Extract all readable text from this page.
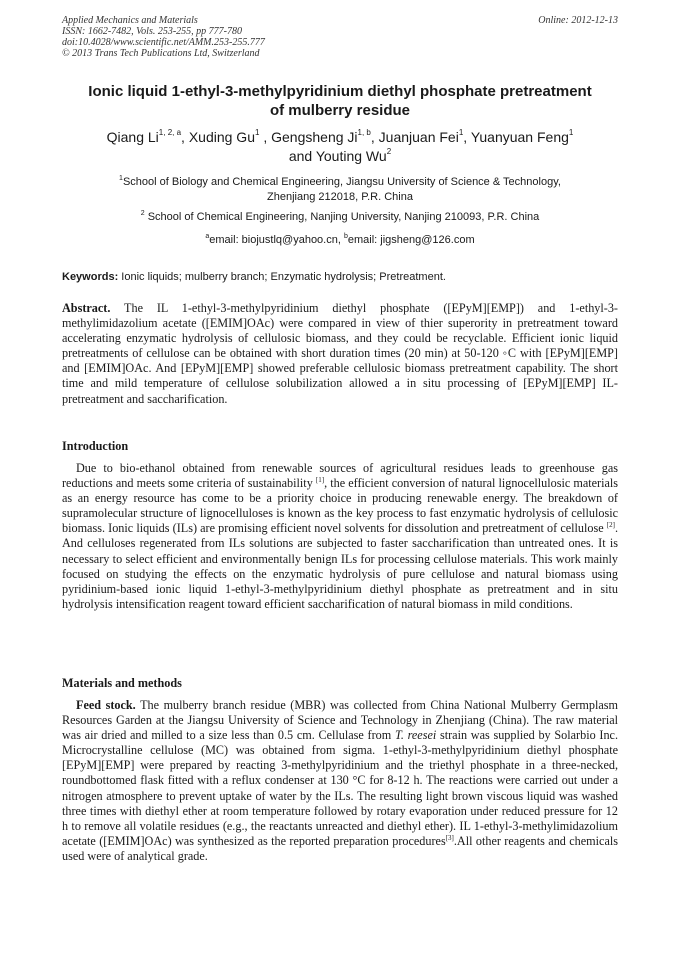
Applied Mechanics and Materials
ISSN: 1662-7482, Vols. 253-255, pp 777-780
doi:10.4028/www.scientific.net/AMM.253-255.777
© 2013 Trans Tech Publications Ltd, Switzerland
Online: 2012-12-13
Ionic liquid 1-ethyl-3-methylpyridinium diethyl phosphate pretreatment
of mulberry residue
Qiang Li$^{1, 2, a}$, Xuding Gu$^1$ , Gengsheng Ji$^{1, b}$, Juanjuan Fei$^1$, Yuanyuan Feng$^1$
and Youting Wu$^2$
$^1$School of Biology and Chemical Engineering, Jiangsu University of Science & Technology,
Zhenjiang 212018, P.R. China
$^2$ School of Chemical Engineering, Nanjing University, Nanjing 210093, P.R. China
$^a$email: biojustlq@yahoo.cn, $^b$email: jigsheng@126.com
Keywords: Ionic liquids; mulberry branch; Enzymatic hydrolysis; Pretreatment.
Abstract. The IL 1-ethyl-3-methylpyridinium diethyl phosphate ([EPyM][EMP]) and 1-ethyl-3-methylimidazolium acetate ([EMIM]OAc) were compared in view of thier superority in pretreatment toward accelerating enzymatic hydrolysis of cellulosic biomass, and they could be recyclable. Efficient ionic liquid pretreatments of cellulose can be obtained with short duration times (20 min) at 50-120 ◦C with [EPyM][EMP] and [EMIM]OAc. And [EPyM][EMP] showed preferable cellulosic biomass pretreatment capability. The short time and mild temperature of cellulose solubilization allowed a in situ processing of [EPyM][EMP] IL-pretreatment and saccharification.
Introduction
Due to bio-ethanol obtained from renewable sources of agricultural residues leads to greenhouse gas reductions and meets some criteria of sustainability [1], the efficient conversion of natural lignocellulosic materials as an energy resource has come to be a priority choice in producing renewable energy. The breakdown of supramolecular structure of lignocelluloses is known as the key process to fast enzymatic hydrolysis of cellulosic biomass. Ionic liquids (ILs) are promising efficient novel solvents for dissolution and pretreatment of cellulose [2]. And celluloses regenerated from ILs solutions are subjected to faster saccharification than untreated ones. It is necessary to select efficient and environmentally benign ILs for processing cellulose materials. This work mainly focused on studying the effects on the enzymatic hydrolysis of pure cellulose and natural biomass using pyridinium-based ionic liquid 1-ethyl-3-methylpyridinium diethyl phosphate as pretreatment and in situ hydrolysis intensification reagent toward efficient saccharification of natural biomass in mild conditions.
Materials and methods
Feed stock. The mulberry branch residue (MBR) was collected from China National Mulberry Germplasm Resources Garden at the Jiangsu University of Science and Technology in Zhenjiang (China). The raw material was air dried and milled to a size less than 0.5 cm. Cellulase from T. reesei strain was supplied by Solarbio Inc. Microcrystalline cellulose (MC) was obtained from sigma. 1-ethyl-3-methylpyridinium diethyl phosphate [EPyM][EMP] were prepared by reacting 3-methylpyridinium and the triethyl phosphate in a three-necked, roundbottomed flask fitted with a reflux condenser at 130 °C for 8-12 h. The reactions were carried out under a nitrogen atmosphere to prevent uptake of water by the ILs. The resulting light brown viscous liquid was washed three times with diethyl ether at room temperature followed by rotary evaporation under reduced pressure for 12 h to remove all volatile residues (e.g., the reactants unreacted and diethyl ether). IL 1-ethyl-3-methylimidazolium acetate ([EMIM]OAc) was synthesized as the reported preparation procedures[3].All other reagents and chemicals used were of analytical grade.
